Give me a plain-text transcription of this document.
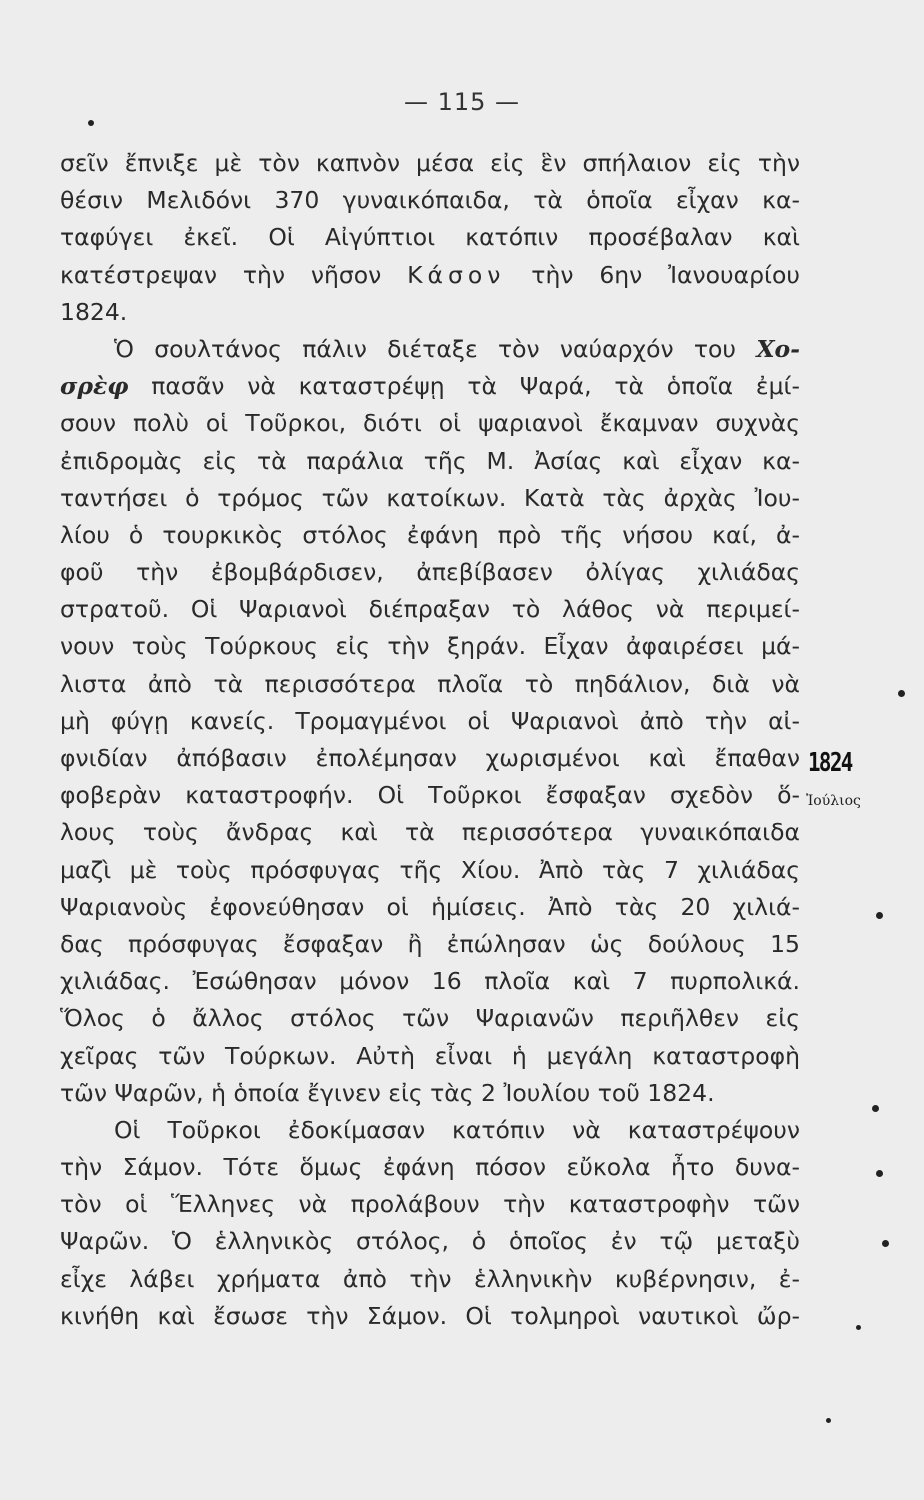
— 115 —
σεῖν ἔπνιξε μὲ τὸν καπνὸν μέσα εἰς ἓν σπήλαιον εἰς τὴν
θέσιν Μελιδόνι 370 γυναικόπαιδα, τὰ ὁποῖα εἶχαν κα-
ταφύγει ἐκεῖ. Οἱ Αἰγύπτιοι κατόπιν προσέβαλαν καὶ
κατέστρεψαν τὴν νῆσον Κάσον τὴν 6ην Ἰανουαρίου
1824.
Ὁ σουλτάνος πάλιν διέταξε τὸν ναύαρχόν του Χο-
σρὲφ πασᾶν νὰ καταστρέψῃ τὰ Ψαρά, τὰ ὁποῖα ἐμί-
σουν πολὺ οἱ Τοῦρκοι, διότι οἱ ψαριανοὶ ἔκαμναν συχνὰς
ἐπιδρομὰς εἰς τὰ παράλια τῆς Μ. Ἀσίας καὶ εἶχαν κα-
ταντήσει ὁ τρόμος τῶν κατοίκων. Κατὰ τὰς ἀρχὰς Ἰου-
λίου ὁ τουρκικὸς στόλος ἐφάνη πρὸ τῆς νήσου καί, ἀ-
φοῦ τὴν ἐβομβάρδισεν, ἀπεβίβασεν ὀλίγας χιλιάδας
στρατοῦ. Οἱ Ψαριανοὶ διέπραξαν τὸ λάθος νὰ περιμεί-
νουν τοὺς Τούρκους εἰς τὴν ξηράν. Εἶχαν ἀφαιρέσει μά-
λιστα ἀπὸ τὰ περισσότερα πλοῖα τὸ πηδάλιον, διὰ νὰ
μὴ φύγῃ κανείς. Τρομαγμένοι οἱ Ψαριανοὶ ἀπὸ τὴν αἰ-
φνιδίαν ἀπόβασιν ἐπολέμησαν χωρισμένοι καὶ ἔπαθαν
φοβερὰν καταστροφήν. Οἱ Τοῦρκοι ἔσφαξαν σχεδὸν ὅ-
λους τοὺς ἄνδρας καὶ τὰ περισσότερα γυναικόπαιδα
μαζὶ μὲ τοὺς πρόσφυγας τῆς Χίου. Ἀπὸ τὰς 7 χιλιάδας
Ψαριανοὺς ἐφονεύθησαν οἱ ἡμίσεις. Ἀπὸ τὰς 20 χιλιά-
δας πρόσφυγας ἔσφαξαν ἢ ἐπώλησαν ὡς δούλους 15
χιλιάδας. Ἐσώθησαν μόνον 16 πλοῖα καὶ 7 πυρπολικά.
Ὅλος ὁ ἄλλος στόλος τῶν Ψαριανῶν περιῆλθεν εἰς
χεῖρας τῶν Τούρκων. Αὐτὴ εἶναι ἡ μεγάλη καταστροφὴ
τῶν Ψαρῶν, ἡ ὁποία ἔγινεν εἰς τὰς 2 Ἰουλίου τοῦ 1824.
Οἱ Τοῦρκοι ἐδοκίμασαν κατόπιν νὰ καταστρέψουν
τὴν Σάμον. Τότε ὅμως ἐφάνη πόσον εὔκολα ἦτο δυνα-
τὸν οἱ Ἕλληνες νὰ προλάβουν τὴν καταστροφὴν τῶν
Ψαρῶν. Ὁ ἑλληνικὸς στόλος, ὁ ὁποῖος ἐν τῷ μεταξὺ
εἶχε λάβει χρήματα ἀπὸ τὴν ἑλληνικὴν κυβέρνησιν, ἐ-
κινήθη καὶ ἔσωσε τὴν Σάμον. Οἱ τολμηροὶ ναυτικοὶ ὤρ-
1824
Ἰούλιος
